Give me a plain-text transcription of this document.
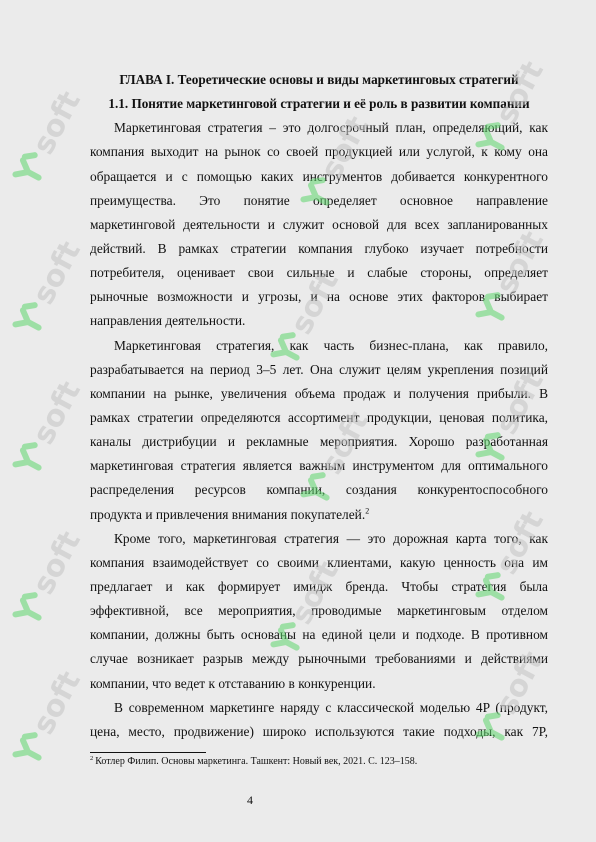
ГЛАВА I. Теоретические основы и виды маркетинговых стратегий
1.1. Понятие маркетинговой стратегии и её роль в развитии компании
Маркетинговая стратегия – это долгосрочный план, определяющий, как
компания выходит на рынок со своей продукцией или услугой, к кому она
обращается и с помощью каких инструментов добивается конкурентного
преимущества. Это понятие определяет основное направление
маркетинговой деятельности и служит основой для всех запланированных
действий. В рамках стратегии компания глубоко изучает потребности
потребителя, оценивает свои сильные и слабые стороны, определяет
рыночные возможности и угрозы, и на основе этих факторов выбирает
направления деятельности.
Маркетинговая стратегия, как часть бизнес-плана, как правило,
разрабатывается на период 3–5 лет. Она служит целям укрепления позиций
компании на рынке, увеличения объема продаж и получения прибыли. В
рамках стратегии определяются ассортимент продукции, ценовая политика,
каналы дистрибуции и рекламные мероприятия. Хорошо разработанная
маркетинговая стратегия является важным инструментом для оптимального
распределения ресурсов компании, создания конкурентоспособного
продукта и привлечения внимания покупателей.$^2$
Кроме того, маркетинговая стратегия — это дорожная карта того, как
компания взаимодействует со своими клиентами, какую ценность она им
предлагает и как формирует имидж бренда. Чтобы стратегия была
эффективной, все мероприятия, проводимые маркетинговым отделом
компании, должны быть основаны на единой цели и подходе. В противном
случае возникает разрыв между рыночными требованиями и действиями
компании, что ведет к отставанию в конкуренции.
В современном маркетинге наряду с классической моделью 4P (продукт,
цена, место, продвижение) широко используются такие подходы, как 7P,
$^2$ Котлер Филип. Основы маркетинга. Ташкент: Новый век, 2021. С. 123–158.
4
soft
soft
soft
soft
soft
soft
soft
soft
soft
soft
soft
soft
soft
soft
